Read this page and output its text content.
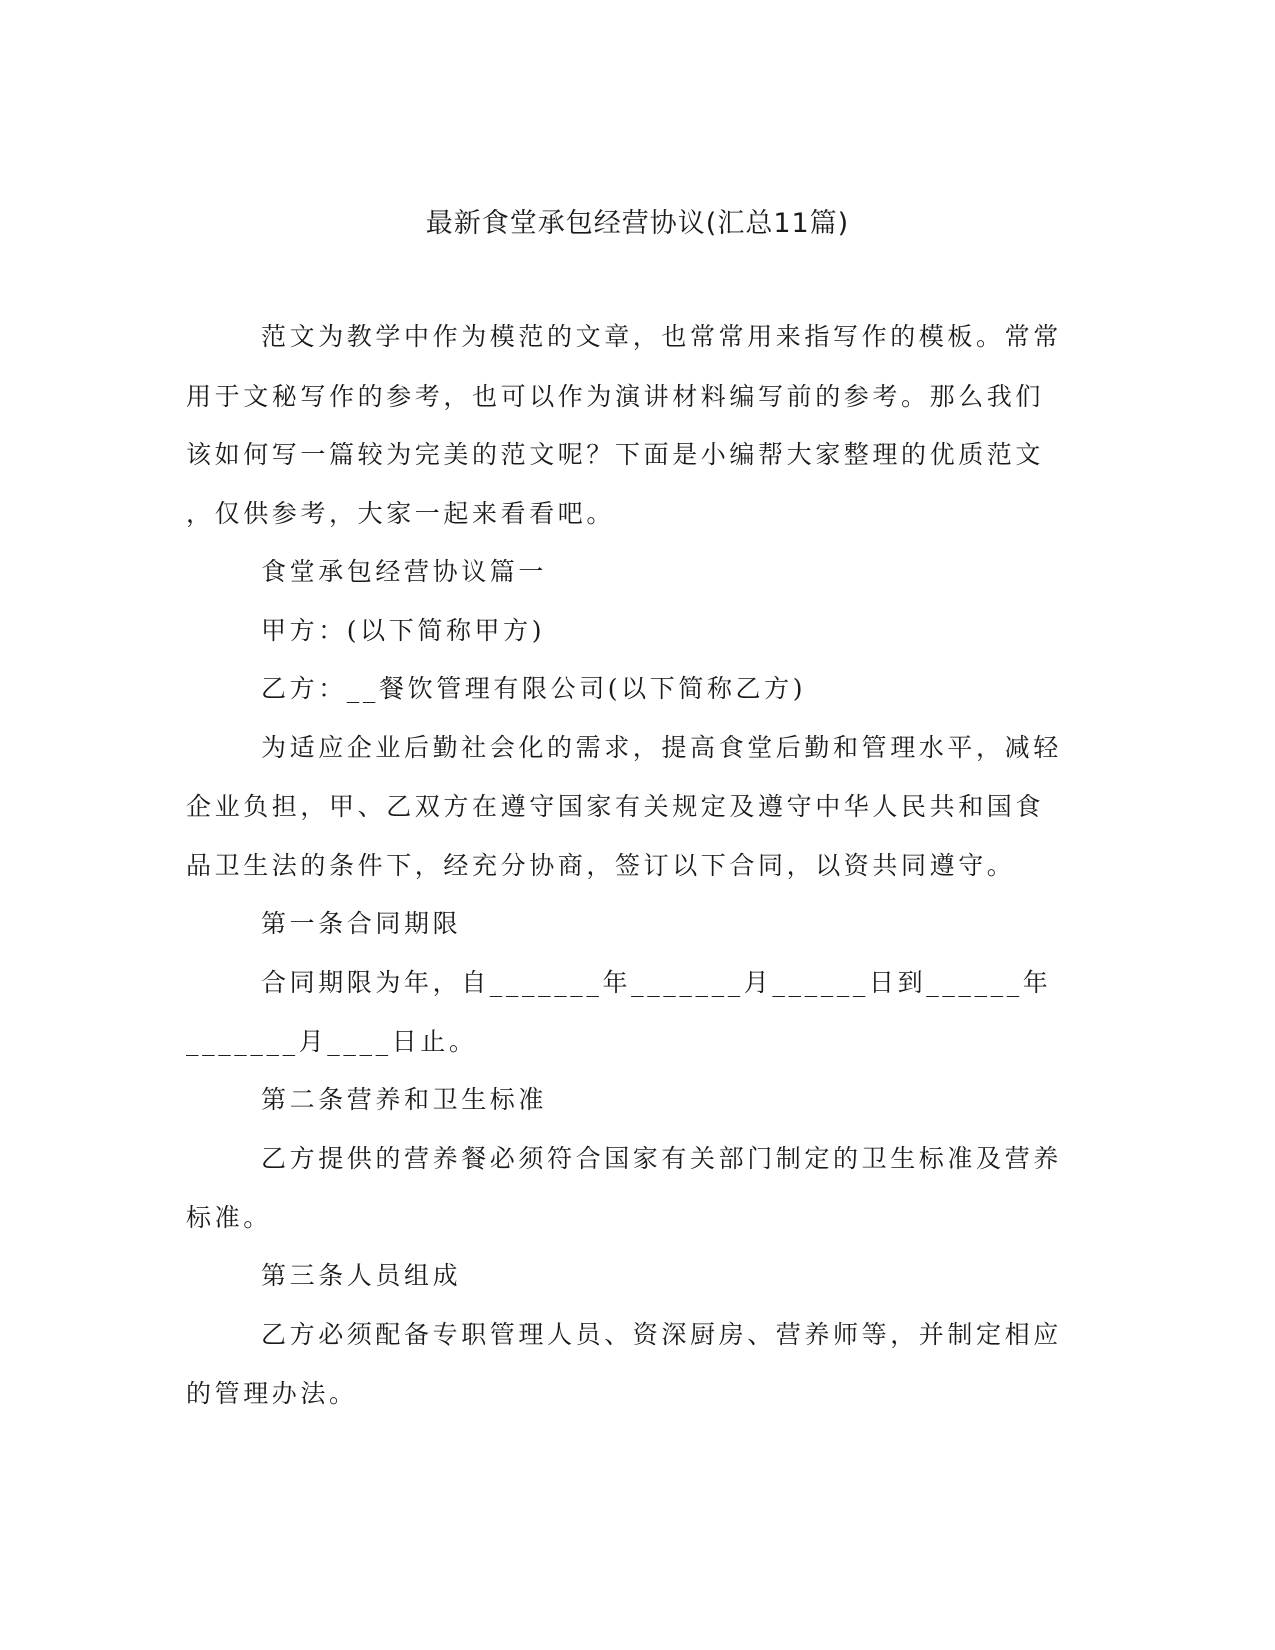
最新食堂承包经营协议(汇总11篇)
范文为教学中作为模范的文章，也常常用来指写作的模板。常常
用于文秘写作的参考，也可以作为演讲材料编写前的参考。那么我们
该如何写一篇较为完美的范文呢？下面是小编帮大家整理的优质范文
，仅供参考，大家一起来看看吧。
食堂承包经营协议篇一
甲方：(以下简称甲方)
乙方：__餐饮管理有限公司(以下简称乙方)
为适应企业后勤社会化的需求，提高食堂后勤和管理水平，减轻
企业负担，甲、乙双方在遵守国家有关规定及遵守中华人民共和国食
品卫生法的条件下，经充分协商，签订以下合同，以资共同遵守。
第一条合同期限
合同期限为年，自_______年_______月______日到______年
_______月____日止。
第二条营养和卫生标准
乙方提供的营养餐必须符合国家有关部门制定的卫生标准及营养
标准。
第三条人员组成
乙方必须配备专职管理人员、资深厨房、营养师等，并制定相应
的管理办法。
